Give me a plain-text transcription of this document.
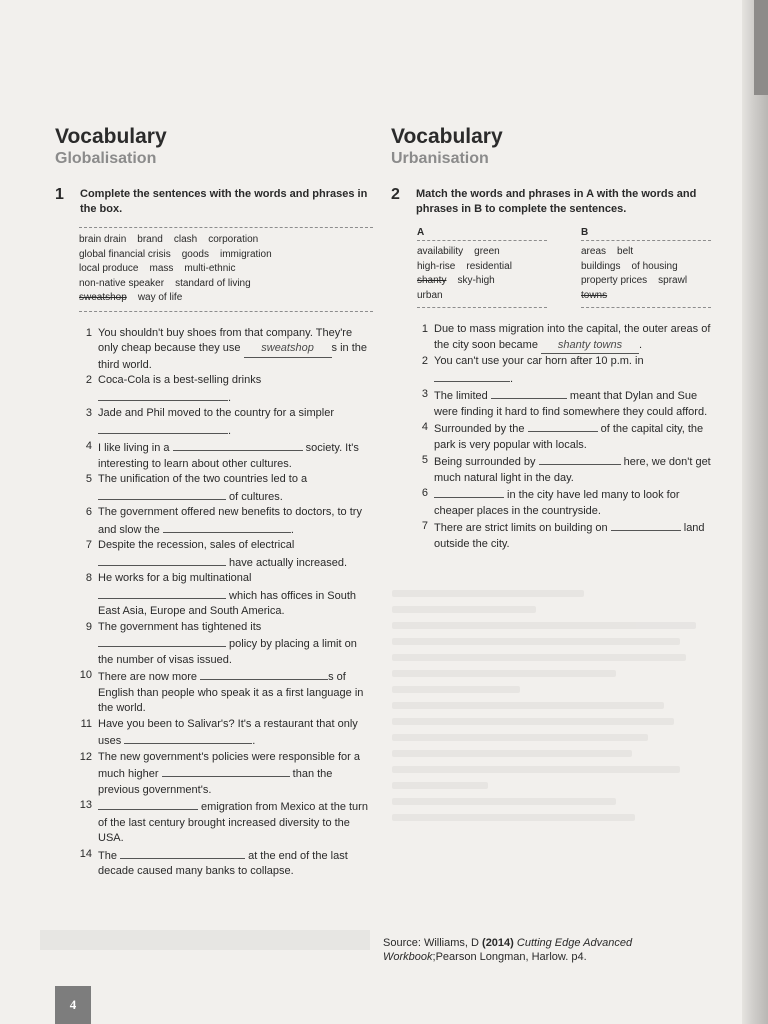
Vocabulary
Globalisation
1	Complete the sentences with the words and phrases in the box.

brain drain brand clash corporation
global financial crisis goods immigration
local produce mass multi-ethnic
non-native speaker standard of living
sweatshop way of life
1 You shouldn't buy shoes from that company. They're only cheap because they use sweatshop s in the third world.
2 Coca-Cola is a best-selling drinks .
3 Jade and Phil moved to the country for a simpler .
4 I like living in a	society. It's interesting to learn about other cultures.
5 The unification of the two countries led to a  of cultures.
6 The government offered new benefits to doctors, to try and slow the	.
7 Despite the recession, sales of electrical  have actually increased.
8 He works for a big multinational  which has offices in South East Asia, Europe and South America.
9 The government has tightened its  policy by placing a limit on the number of visas issued.
10 There are now more	s of English than people who speak it as a first language in the world.
11 Have you been to Salivar's? It's a restaurant that only uses	.
12 The new government's policies were responsible for a much higher	than the previous government's.
13	emigration from Mexico at the turn of the last century brought increased diversity to the USA.
14 The	at the end of the last decade caused many banks to collapse.
Vocabulary
Urbanisation
2	Match the words and phrases in A with the words and phrases in B to complete the sentences.

A
availability green
high-rise residential
shanty sky-high
urban
B
areas belt
buildings of housing
property prices sprawl
towns
1 Due to mass migration into the capital, the outer areas of the city soon became shanty towns .
2 You can't use your car horn after 10 p.m. in .
3 The limited	meant that Dylan and Sue were finding it hard to find somewhere they could afford.
4 Surrounded by the	of the capital city, the park is very popular with locals.
5 Being surrounded by	here, we don't get much natural light in the day.
6	in the city have led many to look for cheaper places in the countryside.
7 There are strict limits on building on	land outside the city.
Source: Williams, D (2014) Cutting Edge Advanced Workbook;Pearson Longman, Harlow. p4.
4
